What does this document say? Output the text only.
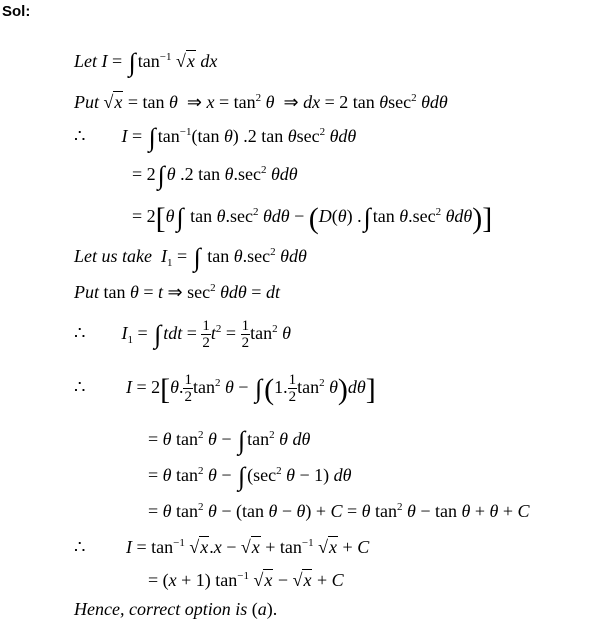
Sol:
Let I = ∫ $\tan^{-1} √x$ dx
Put √x = tan θ  ⇒ $x = \tan^2 \theta$  ⇒ dx = 2 tan θsec$^2$ θdθ
∴        I = ∫ $\tan^{-1}(\tan$ θ) .2 tan θsec$^2$ θdθ
= 2∫ θ .2 $\tan \theta.\sec^2$ θdθ
= 2[θ∫ $\tan \theta.\sec^2$ θdθ − (D(θ) .∫ $\tan \theta.\sec^2$ θdθ)]
Let us take $I_1$ = ∫ $\tan \theta.\sec^2$ θdθ
Put tan θ = t ⇒ $\sec^2 \theta d\theta$ = dt
∴        $I_1$ = ∫ tdt = $\frac{1}{2} t^2 = \frac{1}{2} \tan^2 \theta$
∴         I = 2[θ. $\frac{1}{2} \tan^2 \theta - \int(1$. $\frac{1}{2} \tan^2 \theta)d\theta$]
= θ $\tan^2 \theta$ − ∫ $\tan^2 \theta$ dθ
= θ $\tan^2 \theta$ − ∫ ($\sec^2$ θ − 1) dθ
= θ $\tan^2 \theta - (\tan$ θ − θ) + C = θ $\tan^2 \theta - \tan \theta + \theta + C$
∴         $I = \tan^{-1} √x.x - √x + \tan^{-1} √x + C$
= (x + 1) $\tan^{-1} √x - √x + C$
Hence, correct option is (a).
